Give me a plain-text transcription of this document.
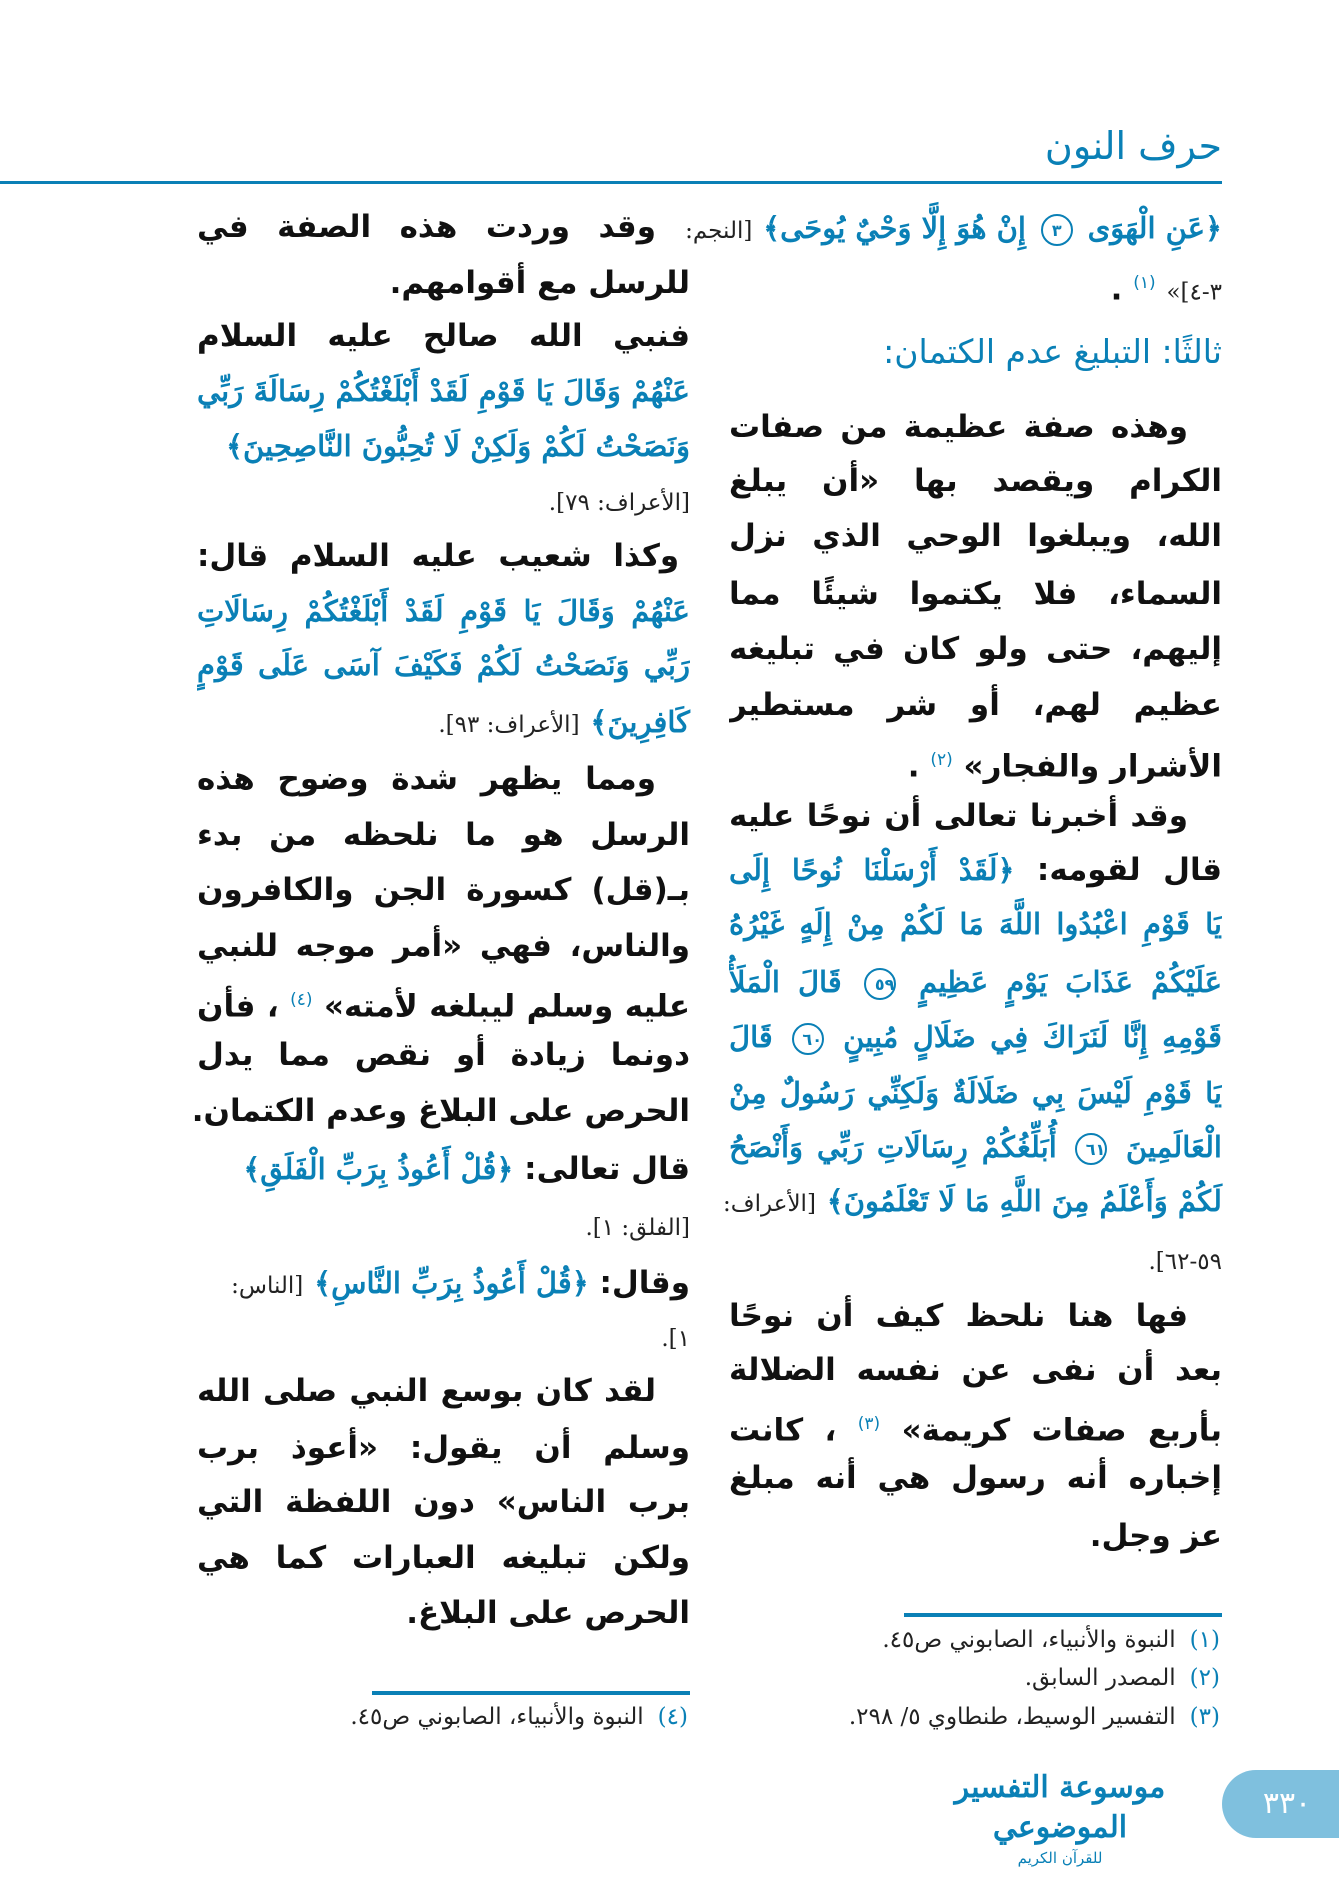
حرف النون
﴿عَنِ الْهَوَى ٣ إِنْ هُوَ إِلَّا وَحْيٌ يُوحَى﴾ [النجم:
٣-٤]» $^{(١)}$ .
ثالثًا: التبليغ عدم الكتمان:
وهذه صفة عظيمة من صفات
الكرام ويقصد بها «أن يبلغ
الله، ويبلغوا الوحي الذي نزل
السماء، فلا يكتموا شيئًا مما
إليهم، حتى ولو كان في تبليغه
عظيم لهم، أو شر مستطير
الأشرار والفجار» $^{(٢)}$ .
وقد أخبرنا تعالى أن نوحًا عليه
قال لقومه: ﴿لَقَدْ أَرْسَلْنَا نُوحًا إِلَى
يَا قَوْمِ اعْبُدُوا اللَّهَ مَا لَكُمْ مِنْ إِلَهٍ غَيْرُهُ
عَلَيْكُمْ عَذَابَ يَوْمٍ عَظِيمٍ ٥٩ قَالَ الْمَلَأُ
قَوْمِهِ إِنَّا لَنَرَاكَ فِي ضَلَالٍ مُبِينٍ ٦٠ قَالَ
يَا قَوْمِ لَيْسَ بِي ضَلَالَةٌ وَلَكِنِّي رَسُولٌ مِنْ
الْعَالَمِينَ ٦١ أُبَلِّغُكُمْ رِسَالَاتِ رَبِّي وَأَنْصَحُ
لَكُمْ وَأَعْلَمُ مِنَ اللَّهِ مَا لَا تَعْلَمُونَ﴾ [الأعراف:
٥٩-٦٢].
فها هنا نلحظ كيف أن نوحًا
بعد أن نفى عن نفسه الضلالة
بأربع صفات كريمة» $^{(٣)}$ ، كانت
إخباره أنه رسول هي أنه مبلغ
عز وجل.
وقد وردت هذه الصفة في
للرسل مع أقوامهم.
فنبي الله صالح عليه السلام
عَنْهُمْ وَقَالَ يَا قَوْمِ لَقَدْ أَبْلَغْتُكُمْ رِسَالَةَ رَبِّي
وَنَصَحْتُ لَكُمْ وَلَكِنْ لَا تُحِبُّونَ النَّاصِحِينَ﴾
[الأعراف: ٧٩].
وكذا شعيب عليه السلام قال:
عَنْهُمْ وَقَالَ يَا قَوْمِ لَقَدْ أَبْلَغْتُكُمْ رِسَالَاتِ
رَبِّي وَنَصَحْتُ لَكُمْ فَكَيْفَ آسَى عَلَى قَوْمٍ
كَافِرِينَ﴾ [الأعراف: ٩٣].
ومما يظهر شدة وضوح هذه
الرسل هو ما نلحظه من بدء
بـ(قل) كسورة الجن والكافرون
والناس، فهي «أمر موجه للنبي
عليه وسلم ليبلغه لأمته» $^{(٤)}$ ، فأن
دونما زيادة أو نقص مما يدل
الحرص على البلاغ وعدم الكتمان.
قال تعالى: ﴿قُلْ أَعُوذُ بِرَبِّ الْفَلَقِ﴾
[الفلق: ١].
وقال: ﴿قُلْ أَعُوذُ بِرَبِّ النَّاسِ﴾ [الناس:
١].
لقد كان بوسع النبي صلى الله
وسلم أن يقول: «أعوذ برب
برب الناس» دون اللفظة التي
ولكن تبليغه العبارات كما هي
الحرص على البلاغ.
(١)النبوة والأنبياء، الصابوني ص٤٥.
(٢)المصدر السابق.
(٣)التفسير الوسيط، طنطاوي ٥/ ٢٩٨.
(٤)النبوة والأنبياء، الصابوني ص٤٥.
موسوعة التفسير الموضوعي
للقرآن الكريم
٣٣٠
